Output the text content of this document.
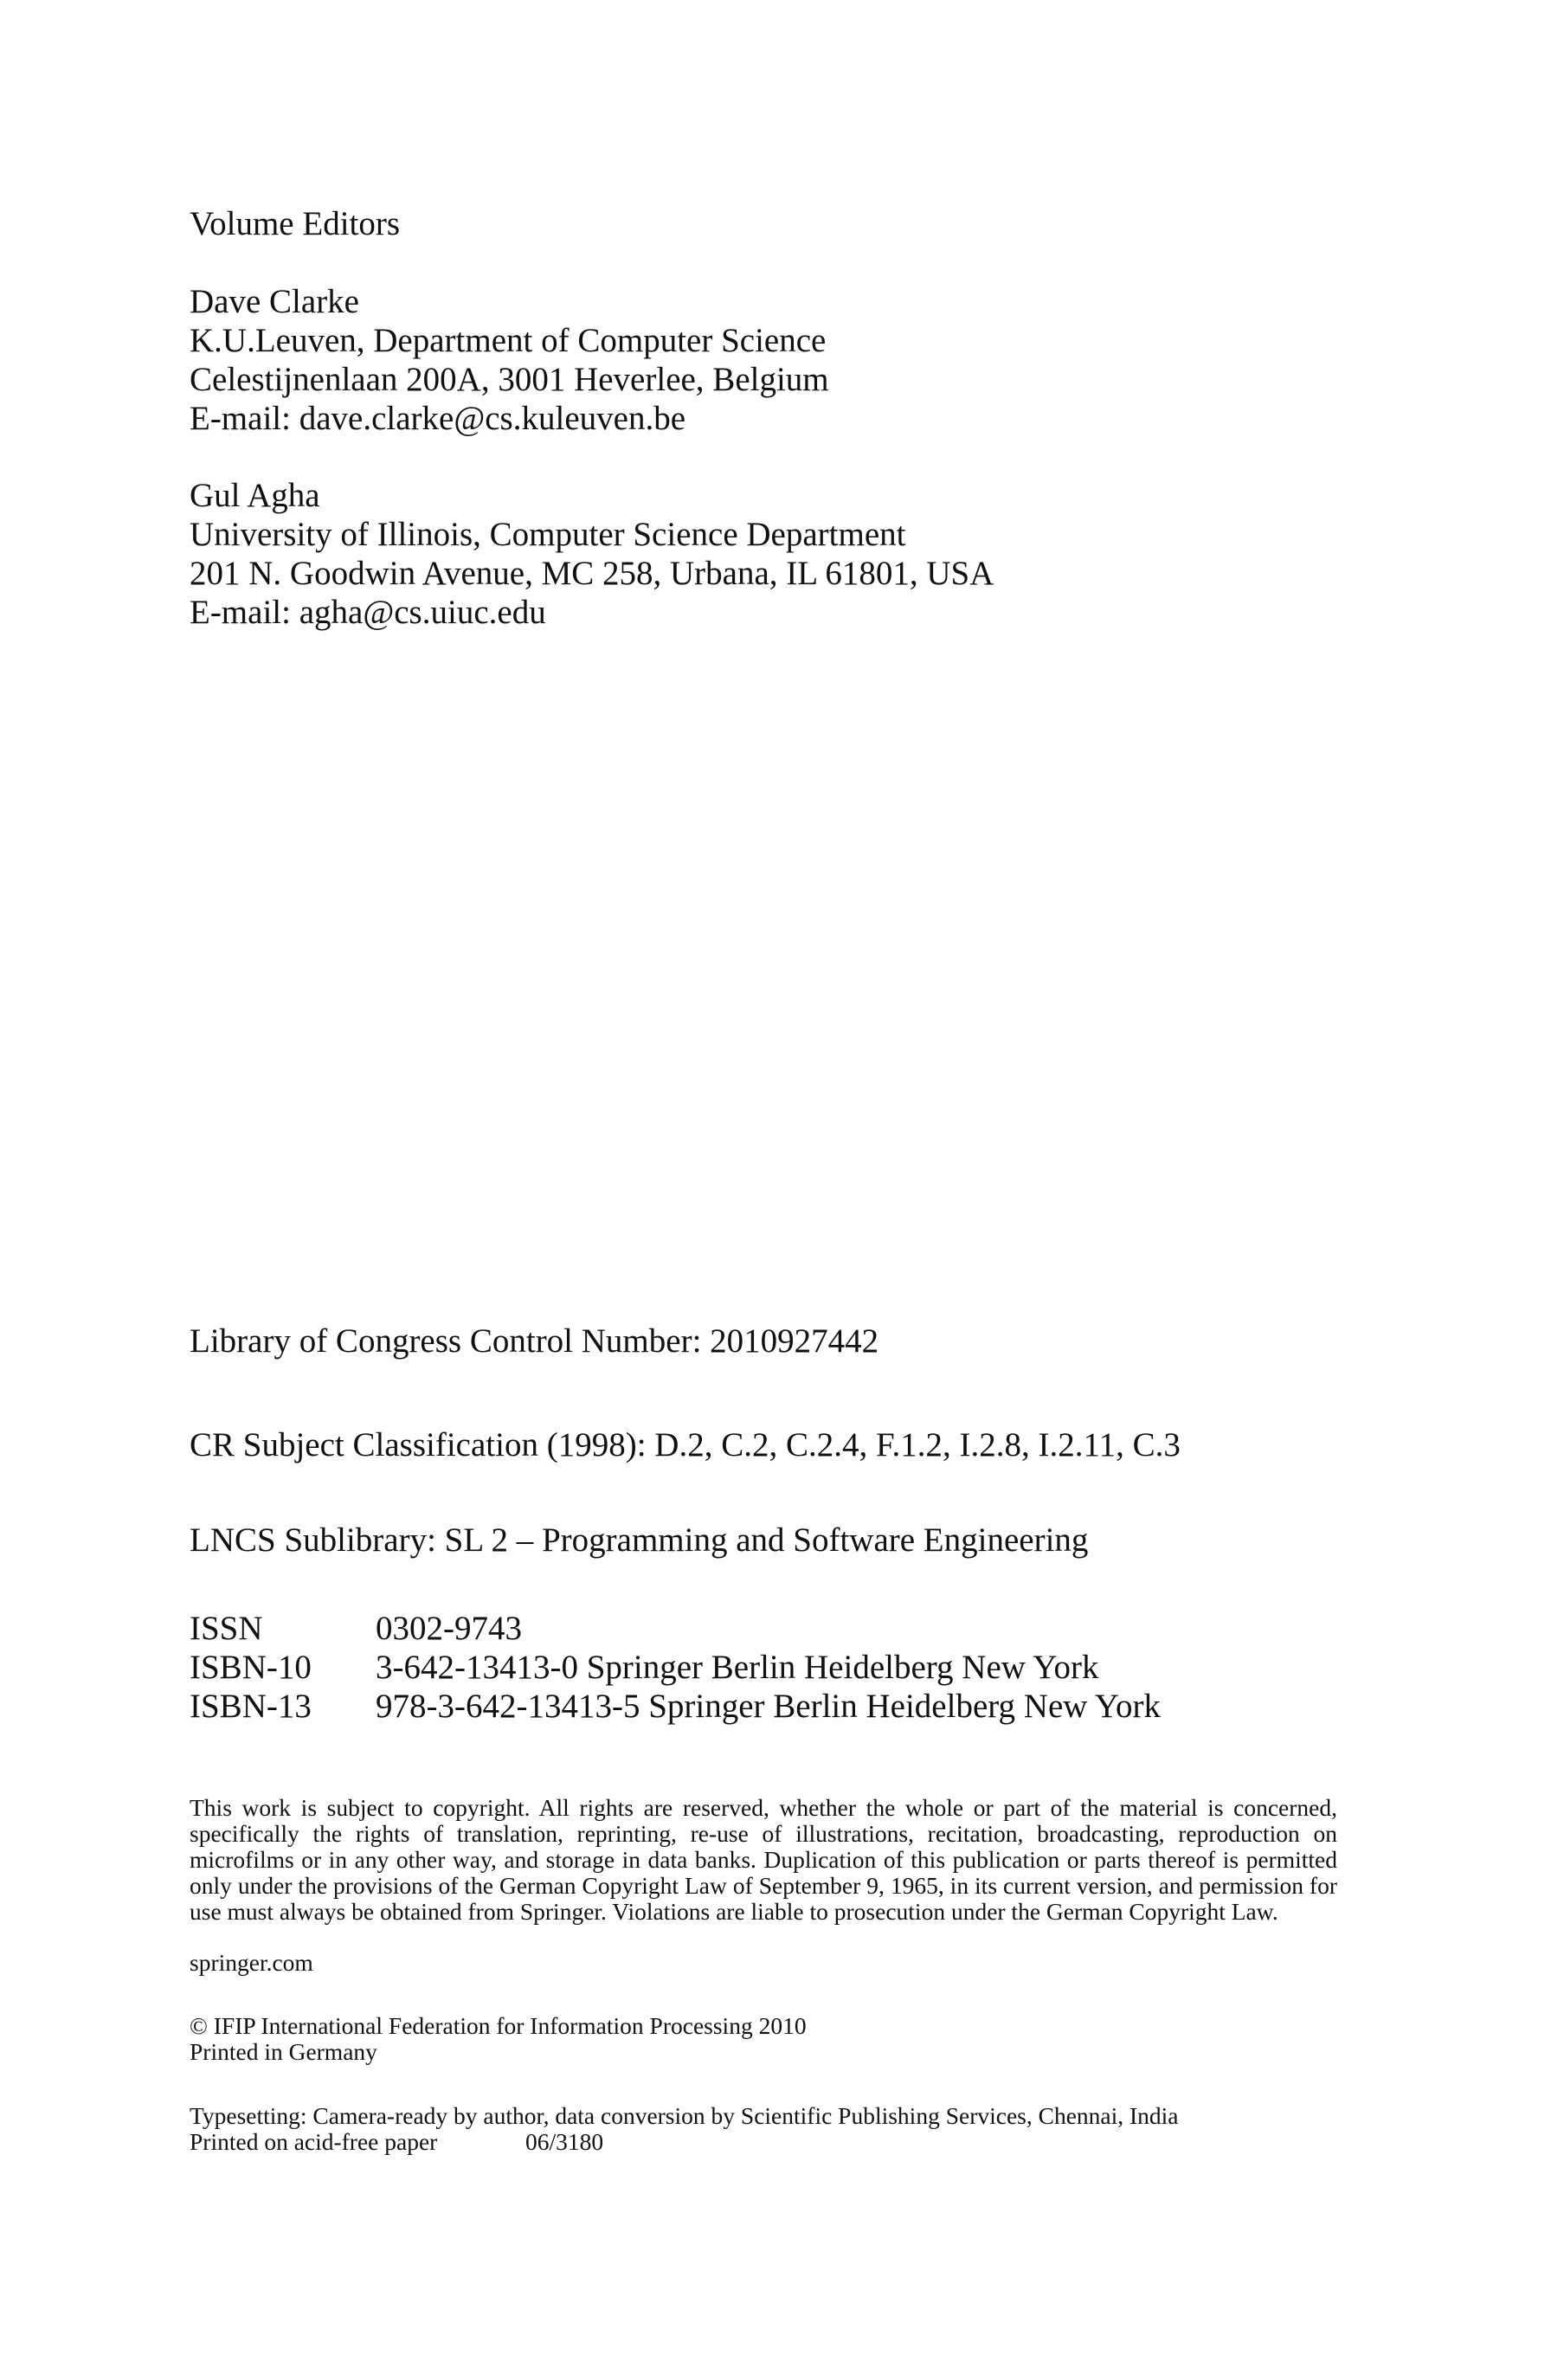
Volume Editors
Dave Clarke
K.U.Leuven, Department of Computer Science
Celestijnenlaan 200A, 3001 Heverlee, Belgium
E-mail: dave.clarke@cs.kuleuven.be
Gul Agha
University of Illinois, Computer Science Department
201 N. Goodwin Avenue, MC 258, Urbana, IL 61801, USA
E-mail: agha@cs.uiuc.edu
Library of Congress Control Number: 2010927442
CR Subject Classification (1998): D.2, C.2, C.2.4, F.1.2, I.2.8, I.2.11, C.3
LNCS Sublibrary: SL 2 – Programming and Software Engineering
ISSN	0302-9743
ISBN-10	3-642-13413-0 Springer Berlin Heidelberg New York
ISBN-13	978-3-642-13413-5 Springer Berlin Heidelberg New York
This work is subject to copyright. All rights are reserved, whether the whole or part of the material is concerned, specifically the rights of translation, reprinting, re-use of illustrations, recitation, broadcasting, reproduction on microfilms or in any other way, and storage in data banks. Duplication of this publication or parts thereof is permitted only under the provisions of the German Copyright Law of September 9, 1965, in its current version, and permission for use must always be obtained from Springer. Violations are liable to prosecution under the German Copyright Law.
springer.com
© IFIP International Federation for Information Processing 2010
Printed in Germany
Typesetting: Camera-ready by author, data conversion by Scientific Publishing Services, Chennai, India
Printed on acid-free paper	06/3180
